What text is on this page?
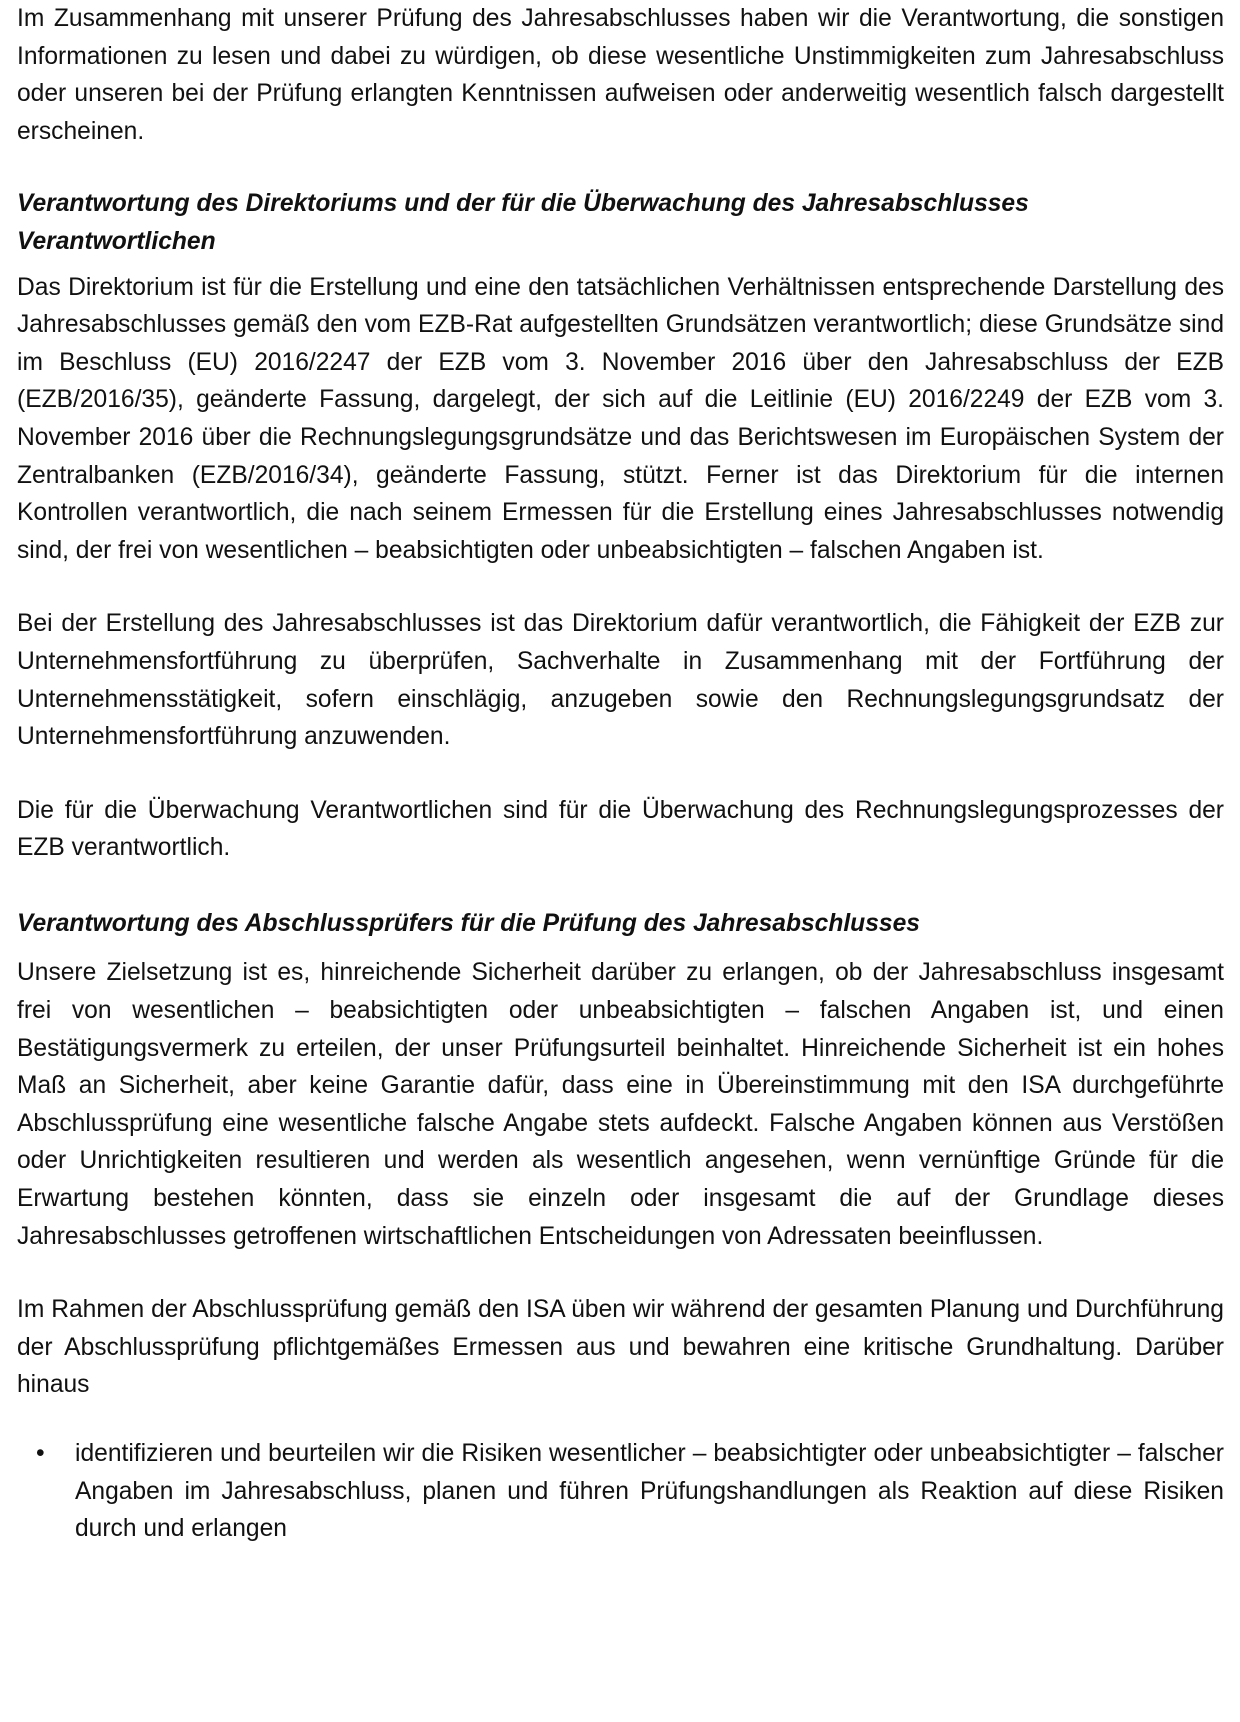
Im Zusammenhang mit unserer Prüfung des Jahresabschlusses haben wir die Verantwortung, die sonstigen Informationen zu lesen und dabei zu würdigen, ob diese wesentliche Unstimmigkeiten zum Jahresabschluss oder unseren bei der Prüfung erlangten Kenntnissen aufweisen oder anderweitig wesentlich falsch dargestellt erscheinen.

Verantwortung des Direktoriums und der für die Überwachung des Jahresabschlusses Verantwortlichen

Das Direktorium ist für die Erstellung und eine den tatsächlichen Verhältnissen entsprechende Darstellung des Jahresabschlusses gemäß den vom EZB-Rat aufgestellten Grundsätzen verantwortlich; diese Grundsätze sind im Beschluss (EU) 2016/2247 der EZB vom 3. November 2016 über den Jahresabschluss der EZB (EZB/2016/35), geänderte Fassung, dargelegt, der sich auf die Leitlinie (EU) 2016/2249 der EZB vom 3. November 2016 über die Rechnungslegungsgrundsätze und das Berichtswesen im Europäischen System der Zentralbanken (EZB/2016/34), geänderte Fassung, stützt. Ferner ist das Direktorium für die internen Kontrollen verantwortlich, die nach seinem Ermessen für die Erstellung eines Jahresabschlusses notwendig sind, der frei von wesentlichen – beabsichtigten oder unbeabsichtigten – falschen Angaben ist.

Bei der Erstellung des Jahresabschlusses ist das Direktorium dafür verantwortlich, die Fähigkeit der EZB zur Unternehmensfortführung zu überprüfen, Sachverhalte in Zusammenhang mit der Fortführung der Unternehmensstätigkeit, sofern einschlägig, anzugeben sowie den Rechnungslegungsgrundsatz der Unternehmensfortführung anzuwenden.

Die für die Überwachung Verantwortlichen sind für die Überwachung des Rechnungslegungsprozesses der EZB verantwortlich.

Verantwortung des Abschlussprüfers für die Prüfung des Jahresabschlusses

Unsere Zielsetzung ist es, hinreichende Sicherheit darüber zu erlangen, ob der Jahresabschluss insgesamt frei von wesentlichen – beabsichtigten oder unbeabsichtigten – falschen Angaben ist, und einen Bestätigungsvermerk zu erteilen, der unser Prüfungsurteil beinhaltet. Hinreichende Sicherheit ist ein hohes Maß an Sicherheit, aber keine Garantie dafür, dass eine in Übereinstimmung mit den ISA durchgeführte Abschlussprüfung eine wesentliche falsche Angabe stets aufdeckt. Falsche Angaben können aus Verstößen oder Unrichtigkeiten resultieren und werden als wesentlich angesehen, wenn vernünftige Gründe für die Erwartung bestehen könnten, dass sie einzeln oder insgesamt die auf der Grundlage dieses Jahresabschlusses getroffenen wirtschaftlichen Entscheidungen von Adressaten beeinflussen.

Im Rahmen der Abschlussprüfung gemäß den ISA üben wir während der gesamten Planung und Durchführung der Abschlussprüfung pflichtgemäßes Ermessen aus und bewahren eine kritische Grundhaltung. Darüber hinaus

• identifizieren und beurteilen wir die Risiken wesentlicher – beabsichtigter oder unbeabsichtigter – falscher Angaben im Jahresabschluss, planen und führen Prüfungshandlungen als Reaktion auf diese Risiken durch und erlangen
